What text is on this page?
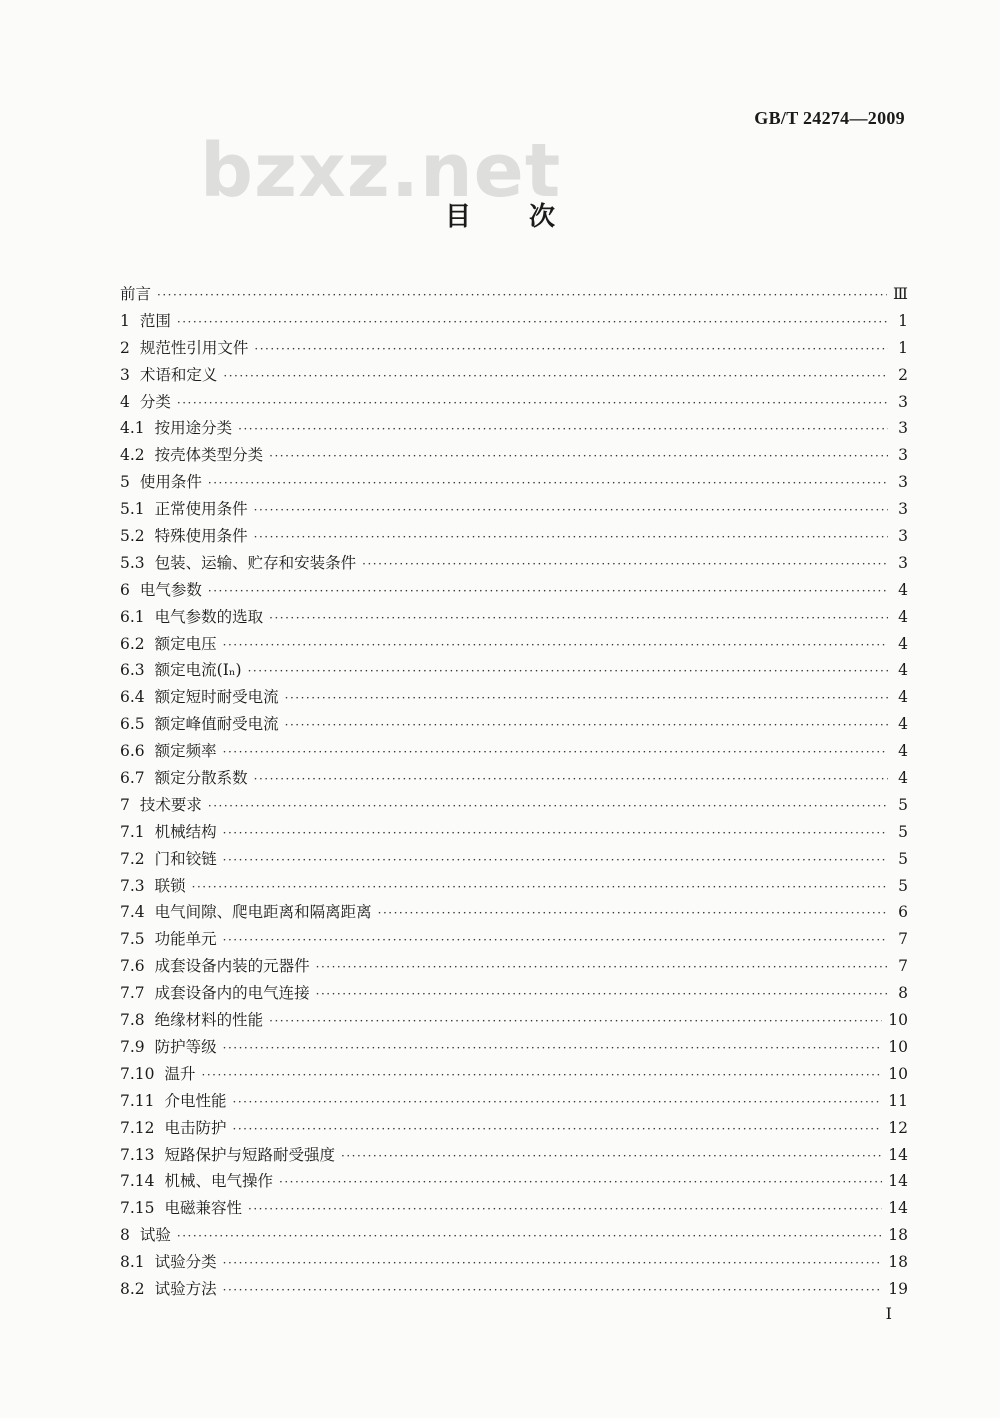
GB/T 24274—2009
bzxz.net
目次
前言 ·····	Ⅲ
1 范围 ·····	1
2 规范性引用文件 ·····	1
3 术语和定义 ·····	2
4 分类 ·····	3
4.1 按用途分类 ·····	3
4.2 按壳体类型分类 ·····	3
5 使用条件 ·····	3
5.1 正常使用条件 ·····	3
5.2 特殊使用条件 ·····	3
5.3 包装、运输、贮存和安装条件 ·····	3
6 电气参数 ·····	4
6.1 电气参数的选取 ·····	4
6.2 额定电压 ·····	4
6.3 额定电流(Iₙ) ·····	4
6.4 额定短时耐受电流 ·····	4
6.5 额定峰值耐受电流 ·····	4
6.6 额定频率 ·····	4
6.7 额定分散系数 ·····	4
7 技术要求 ·····	5
7.1 机械结构 ·····	5
7.2 门和铰链 ·····	5
7.3 联锁 ·····	5
7.4 电气间隙、爬电距离和隔离距离 ·····	6
7.5 功能单元 ·····	7
7.6 成套设备内装的元器件 ·····	7
7.7 成套设备内的电气连接 ·····	8
7.8 绝缘材料的性能 ·····	10
7.9 防护等级 ·····	10
7.10 温升 ·····	10
7.11 介电性能 ·····	11
7.12 电击防护 ·····	12
7.13 短路保护与短路耐受强度 ·····	14
7.14 机械、电气操作 ·····	14
7.15 电磁兼容性 ·····	14
8 试验 ·····	18
8.1 试验分类 ·····	18
8.2 试验方法 ·····	19
I
